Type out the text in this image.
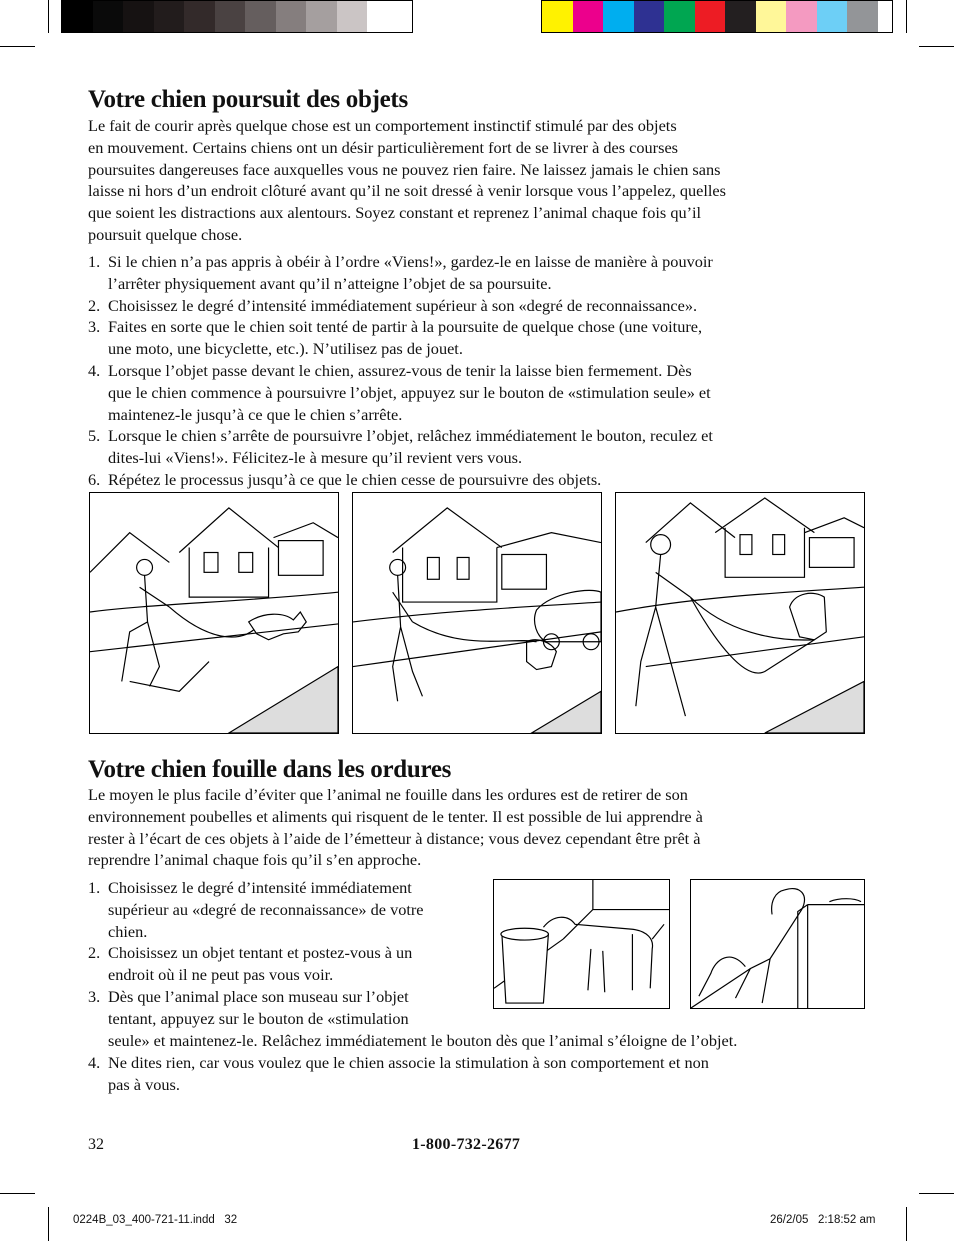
Votre chien poursuit des objets
Le fait de courir après quelque chose est un comportement instinctif stimulé par des objets
en mouvement. Certains chiens ont un désir particulièrement fort de se livrer à des courses
poursuites dangereuses face auxquelles vous ne pouvez rien faire. Ne laissez jamais le chien sans
laisse ni hors d’un endroit clôturé avant qu’il ne soit dressé à venir lorsque vous l’appelez, quelles
que soient les distractions aux alentours. Soyez constant et reprenez l’animal chaque fois qu’il
poursuit quelque chose.
1. Si le chien n’a pas appris à obéir à l’ordre «Viens!», gardez-le en laisse de manière à pouvoir
l’arrêter physiquement avant qu’il n’atteigne l’objet de sa poursuite.
2. Choisissez le degré d’intensité immédiatement supérieur à son «degré de reconnaissance».
3. Faites en sorte que le chien soit tenté de partir à la poursuite de quelque chose (une voiture,
une moto, une bicyclette, etc.). N’utilisez pas de jouet.
4. Lorsque l’objet passe devant le chien, assurez-vous de tenir la laisse bien fermement. Dès
que le chien commence à poursuivre l’objet, appuyez sur le bouton de «stimulation seule» et
maintenez-le jusqu’à ce que le chien s’arrête.
5. Lorsque le chien s’arrête de poursuivre l’objet, relâchez immédiatement le bouton, reculez et
dites-lui «Viens!». Félicitez-le à mesure qu’il revient vers vous.
6. Répétez le processus jusqu’à ce que le chien cesse de poursuivre des objets.
Votre chien fouille dans les ordures
Le moyen le plus facile d’éviter que l’animal ne fouille dans les ordures est de retirer de son
environnement poubelles et aliments qui risquent de le tenter. Il est possible de lui apprendre à
rester à l’écart de ces objets à l’aide de l’émetteur à distance; vous devez cependant être prêt à
reprendre l’animal chaque fois qu’il s’en approche.
1. Choisissez le degré d’intensité immédiatement
supérieur au «degré de reconnaissance» de votre
chien.
2. Choisissez un objet tentant et postez-vous à un
endroit où il ne peut pas vous voir.
3. Dès que l’animal place son museau sur l’objet
tentant, appuyez sur le bouton de «stimulation
seule» et maintenez-le. Relâchez immédiatement le bouton dès que l’animal s’éloigne de l’objet.
4. Ne dites rien, car vous voulez que le chien associe la stimulation à son comportement et non
pas à vous.
32	1-800-732-2677
0224B_03_400-721-11.indd   32	26/2/05   2:18:52 am
